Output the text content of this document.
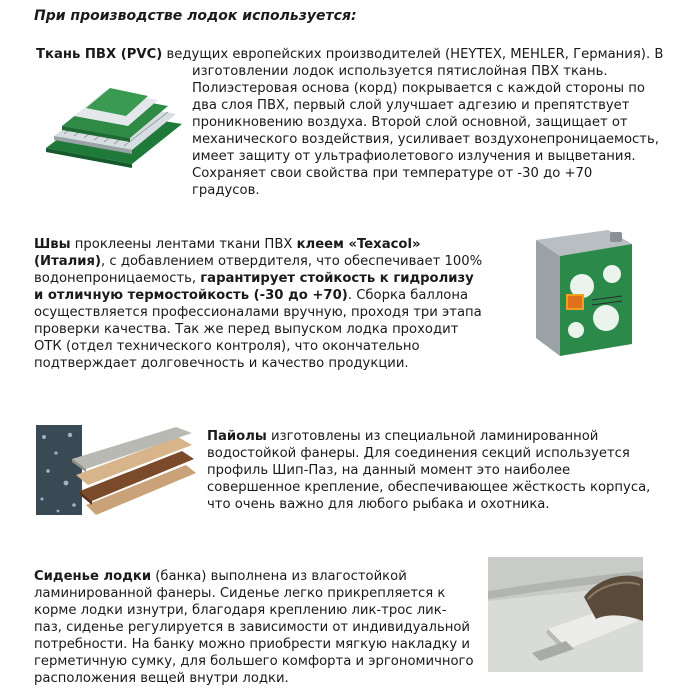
При производстве лодок используется:
Ткань ПВХ (PVC) ведущих европейских производителей (HEYTEX, MEHLER, Германия). В
изготовлении лодок используется пятислойная ПВХ ткань. Полиэстеровая основа (корд) покрывается с каждой стороны по два слоя ПВХ, первый слой улучшает адгезию и препятствует проникновению воздуха. Второй слой основной, защищает от механического воздействия, усиливает воздухонепроницаемость, имеет защиту от ультрафиолетового излучения и выцветания. Сохраняет свои свойства при температуре от -30 до +70 градусов.
Швы проклеены лентами ткани ПВХ клеем «Texacol» (Италия), с добавлением отвердителя, что обеспечивает 100% водонепроницаемость, гарантирует стойкость к гидролизу и отличную термостойкость (-30 до +70). Сборка баллона осуществляется профессионалами вручную, проходя три этапа проверки качества. Так же перед выпуском лодка проходит ОТК (отдел технического контроля), что окончательно подтверждает долговечность и качество продукции.
Пайолы изготовлены из специальной ламинированной водостойкой фанеры. Для соединения секций используется профиль Шип-Паз, на данный момент это наиболее совершенное крепление, обеспечивающее жёсткость корпуса, что очень важно для любого рыбака и охотника.
Сиденье лодки (банка) выполнена из влагостойкой ламинированной фанеры. Сиденье легко прикрепляется к корме лодки изнутри, благодаря креплению лик-трос лик-паз, сиденье регулируется в зависимости от индивидуальной потребности. На банку можно приобрести мягкую накладку и герметичную сумку, для большего комфорта и эргономичного расположения вещей внутри лодки.
